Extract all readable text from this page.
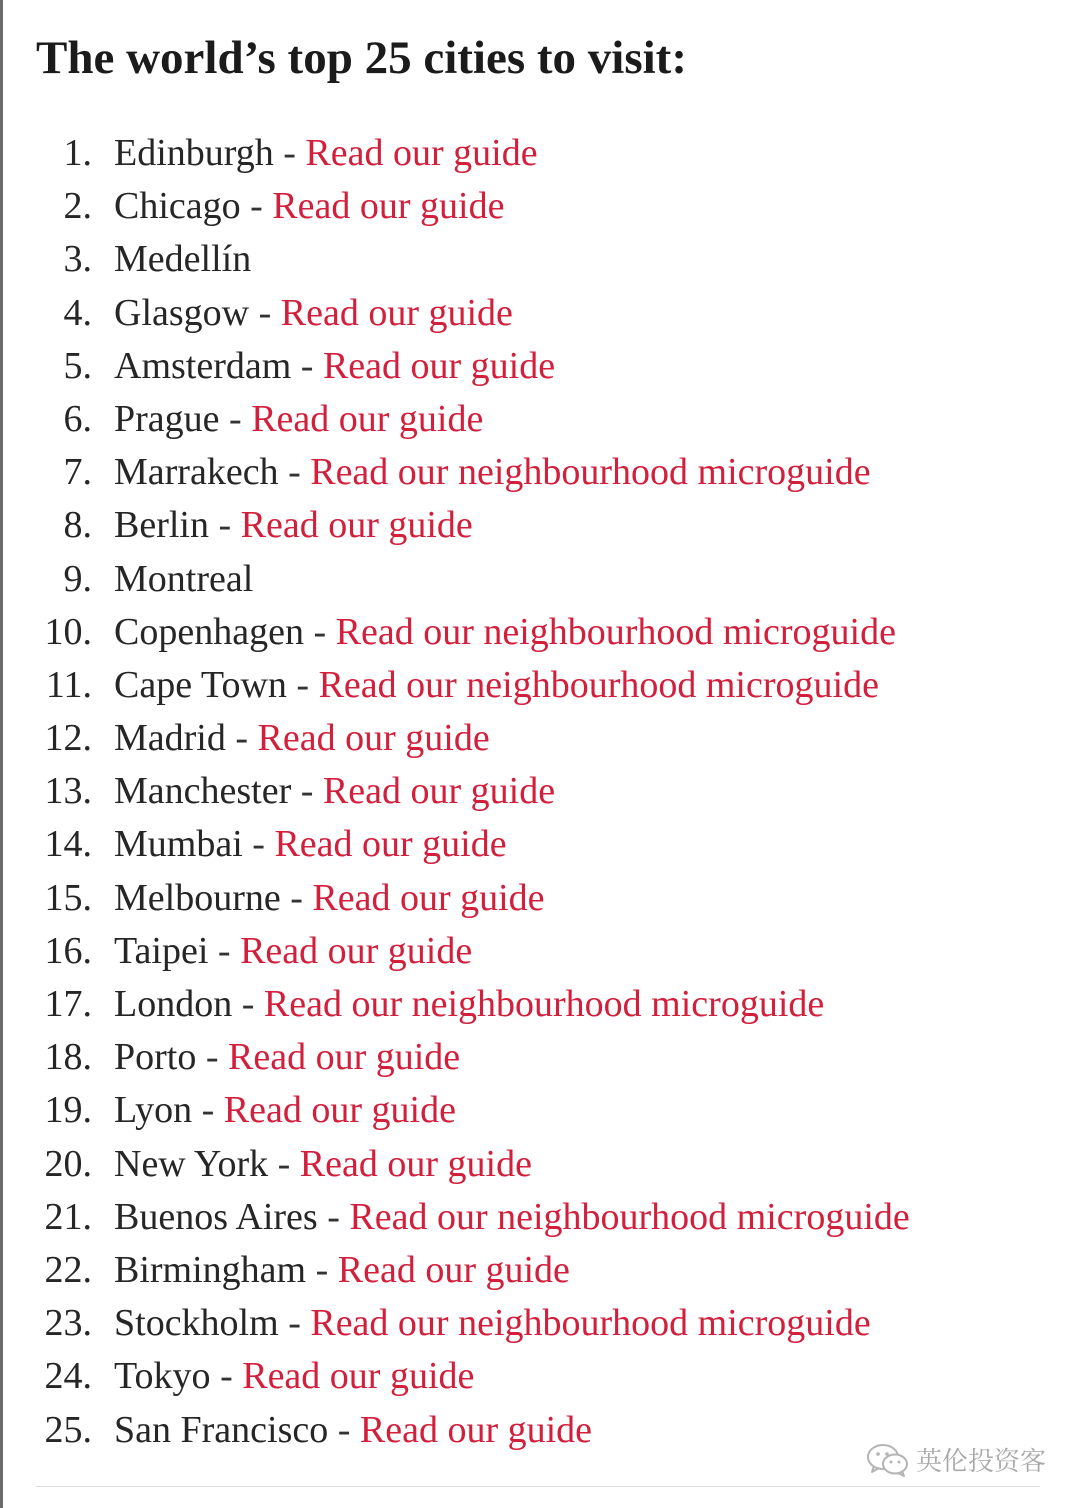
The world’s top 25 cities to visit:
1. Edinburgh - Read our guide
2. Chicago - Read our guide
3. Medellín
4. Glasgow - Read our guide
5. Amsterdam - Read our guide
6. Prague - Read our guide
7. Marrakech - Read our neighbourhood microguide
8. Berlin - Read our guide
9. Montreal
10. Copenhagen - Read our neighbourhood microguide
11. Cape Town - Read our neighbourhood microguide
12. Madrid - Read our guide
13. Manchester - Read our guide
14. Mumbai - Read our guide
15. Melbourne - Read our guide
16. Taipei - Read our guide
17. London - Read our neighbourhood microguide
18. Porto - Read our guide
19. Lyon - Read our guide
20. New York - Read our guide
21. Buenos Aires - Read our neighbourhood microguide
22. Birmingham - Read our guide
23. Stockholm - Read our neighbourhood microguide
24. Tokyo - Read our guide
25. San Francisco - Read our guide
英伦投资客
